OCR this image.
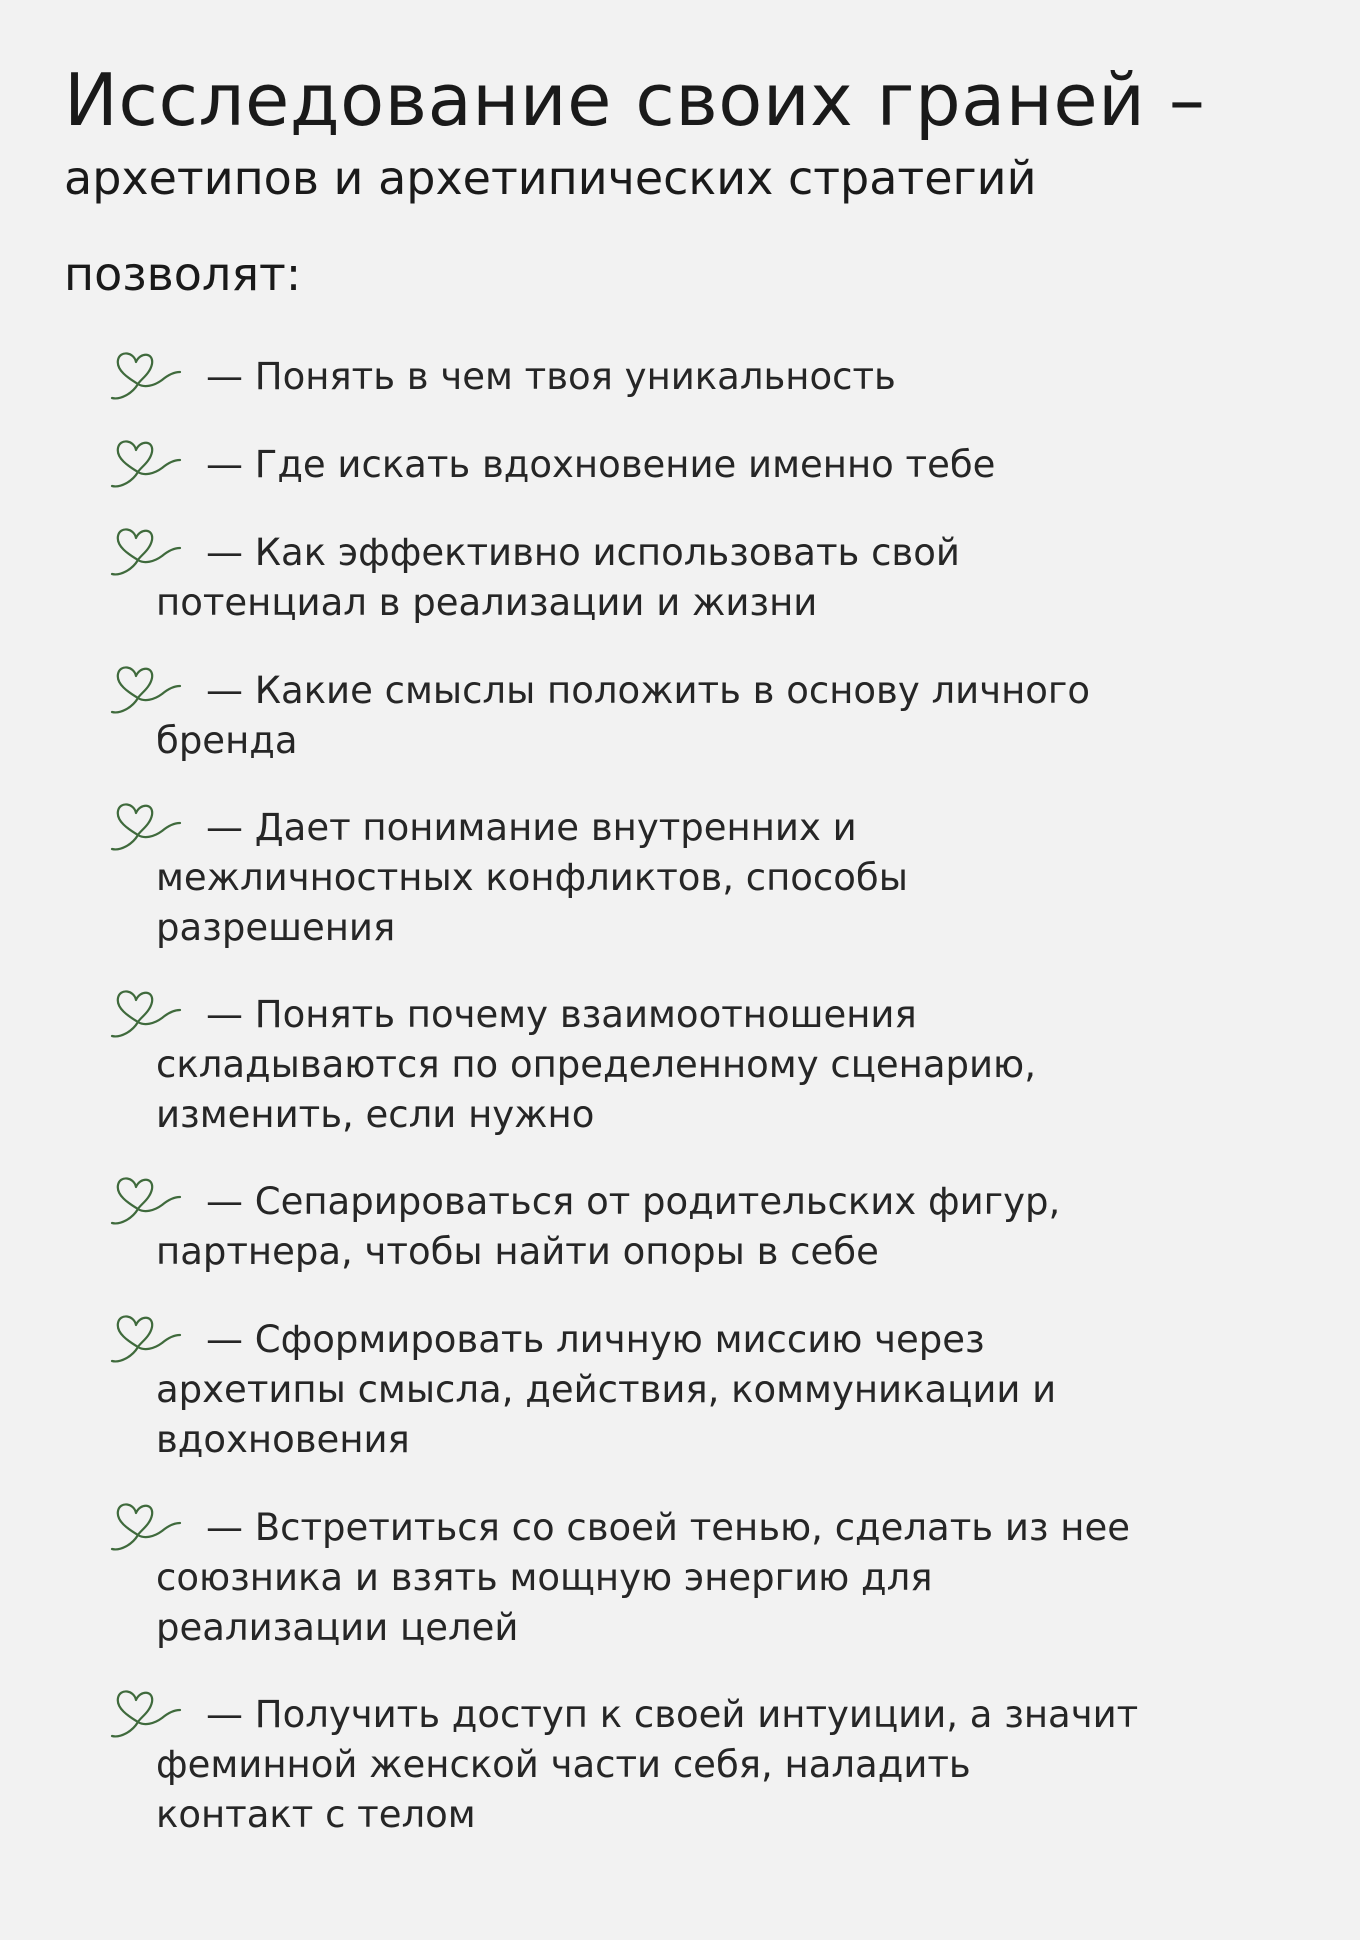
Исследование своих граней –
архетипов и архетипических стратегий
позволят:

— Понять в чем твоя уникальность

— Где искать вдохновение именно тебе

— Как эффективно использовать свой
потенциал в реализации и жизни

— Какие смыслы положить в основу личного
бренда

— Дает понимание внутренних и
межличностных конфликтов, способы
разрешения

— Понять почему взаимоотношения
складываются по определенному сценарию,
изменить, если нужно

— Сепарироваться от родительских фигур,
партнера, чтобы найти опоры в себе

— Сформировать личную миссию через
архетипы смысла, действия, коммуникации и
вдохновения

— Встретиться со своей тенью, сделать из нее
союзника и взять мощную энергию для
реализации целей

— Получить доступ к своей интуиции, а значит
феминной женской части себя, наладить
контакт с телом
